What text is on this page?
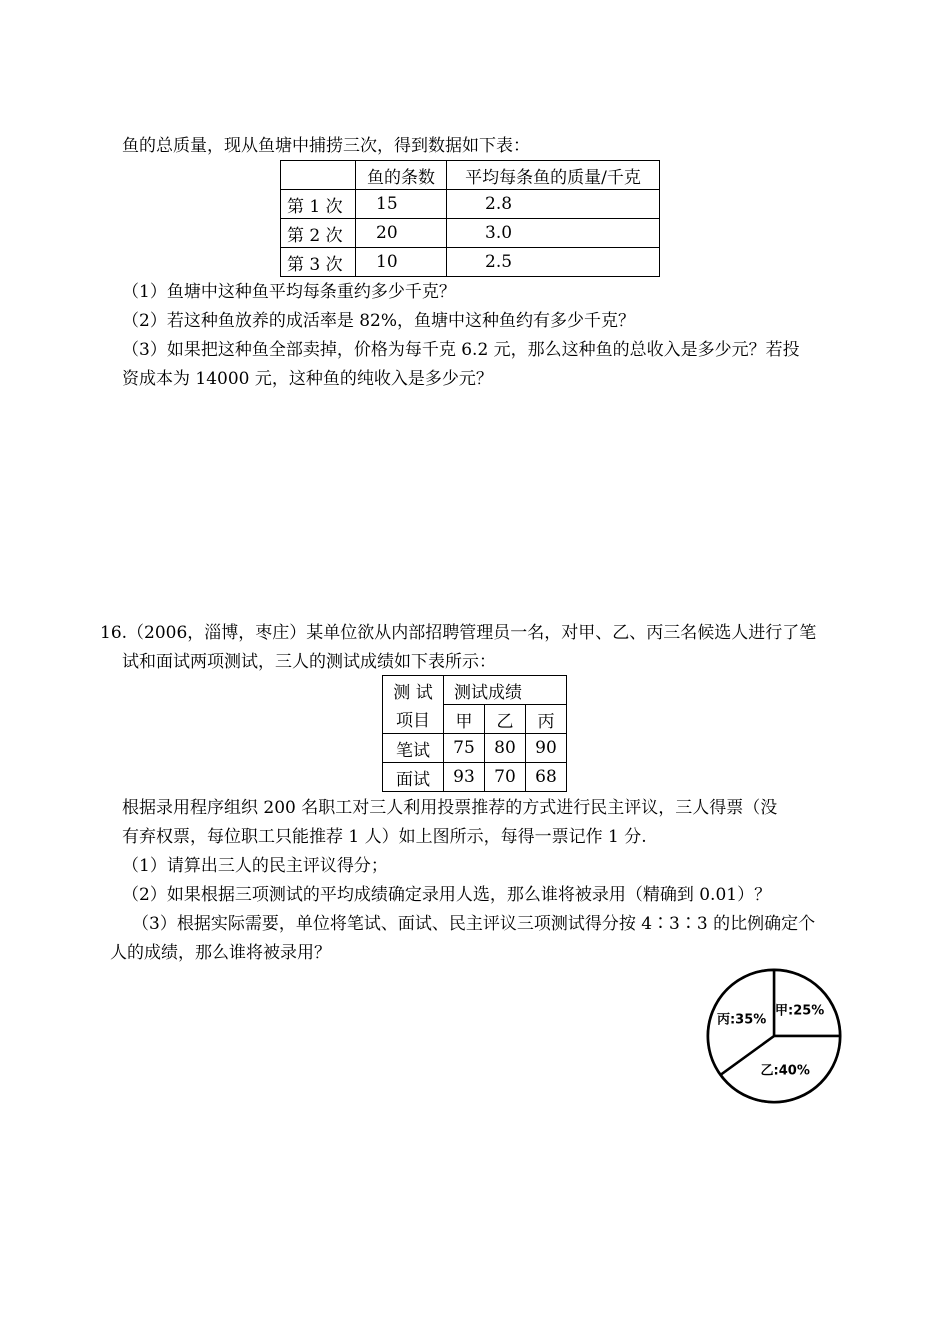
鱼的总质量，现从鱼塘中捕捞三次，得到数据如下表：
	鱼的条数	平均每条鱼的质量/千克
第 1 次	15	2.8
第 2 次	20	3.0
第 3 次	10	2.5
（1）鱼塘中这种鱼平均每条重约多少千克？
（2）若这种鱼放养的成活率是 82%，鱼塘中这种鱼约有多少千克？
（3）如果把这种鱼全部卖掉，价格为每千克 6.2 元，那么这种鱼的总收入是多少元？若投
资成本为 14000 元，这种鱼的纯收入是多少元？
16.（2006，淄博，枣庄）某单位欲从内部招聘管理员一名，对甲、乙、丙三名候选人进行了笔
试和面试两项测试，三人的测试成绩如下表所示：
测 试	测试成绩		
项目	甲	乙	丙
笔试	75	80	90
面试	93	70	68
根据录用程序组织 200 名职工对三人利用投票推荐的方式进行民主评议，三人得票（没
有弃权票，每位职工只能推荐 1 人）如上图所示，每得一票记作 1 分.
（1）请算出三人的民主评议得分；
（2）如果根据三项测试的平均成绩确定录用人选，那么谁将被录用（精确到 0.01）？
（3）根据实际需要，单位将笔试、面试、民主评议三项测试得分按 4∶3∶3 的比例确定个
人的成绩，那么谁将被录用？
甲:25%
乙:40%
丙:35%
